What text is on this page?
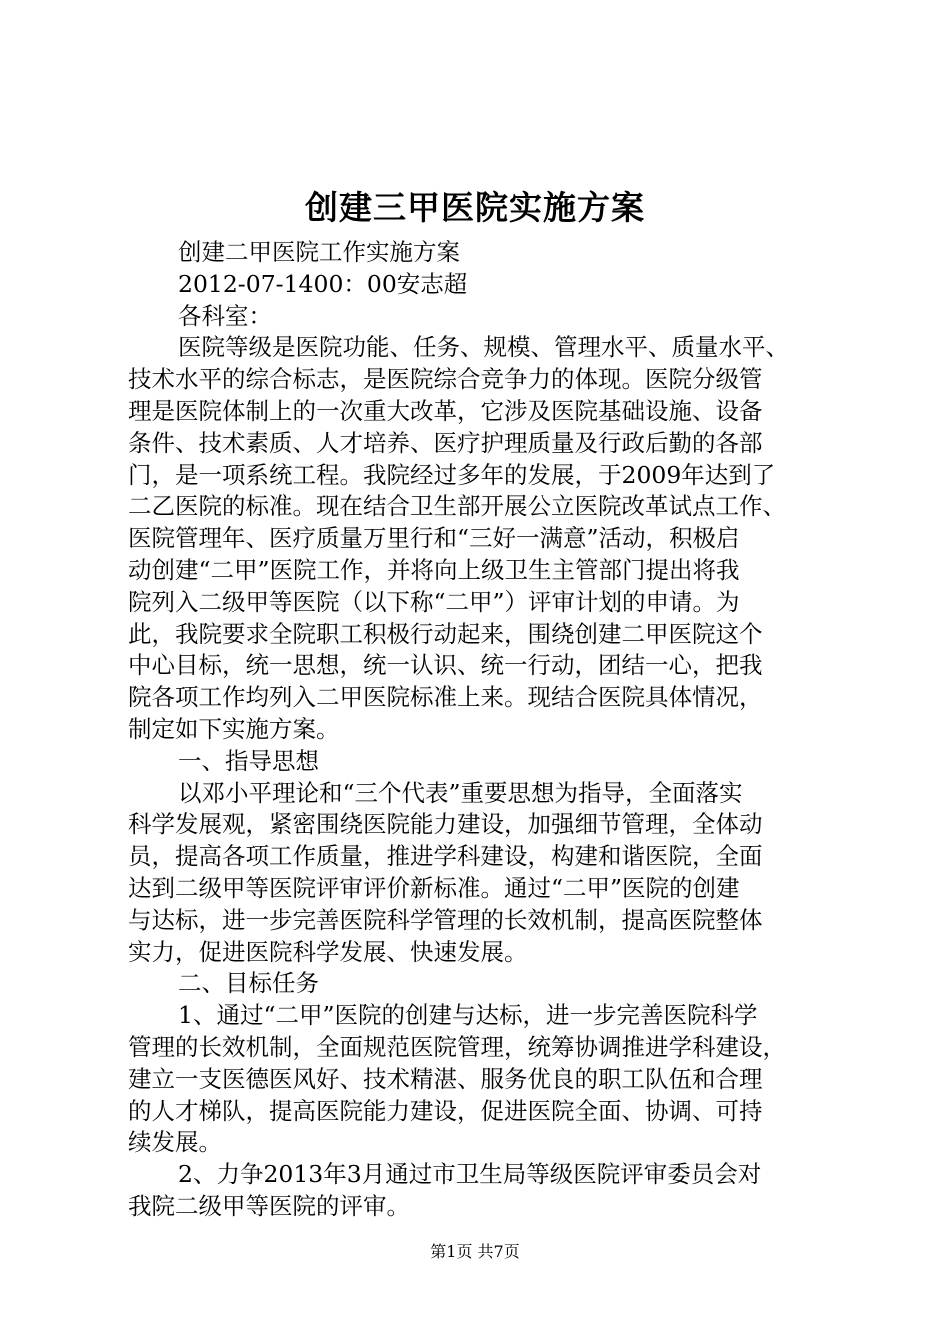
创建三甲医院实施方案
创建二甲医院工作实施方案
2012-07-1400：00安志超
各科室：
医院等级是医院功能、任务、规模、管理水平、质量水平、
技术水平的综合标志，是医院综合竞争力的体现。医院分级管
理是医院体制上的一次重大改革，它涉及医院基础设施、设备
条件、技术素质、人才培养、医疗护理质量及行政后勤的各部
门，是一项系统工程。我院经过多年的发展，于2009年达到了
二乙医院的标准。现在结合卫生部开展公立医院改革试点工作、
医院管理年、医疗质量万里行和“三好一满意”活动，积极启
动创建“二甲”医院工作，并将向上级卫生主管部门提出将我
院列入二级甲等医院（以下称“二甲”）评审计划的申请。为
此，我院要求全院职工积极行动起来，围绕创建二甲医院这个
中心目标，统一思想，统一认识、统一行动，团结一心，把我
院各项工作均列入二甲医院标准上来。现结合医院具体情况，
制定如下实施方案。
一、指导思想
以邓小平理论和“三个代表”重要思想为指导，全面落实
科学发展观，紧密围绕医院能力建设，加强细节管理，全体动
员，提高各项工作质量，推进学科建设，构建和谐医院，全面
达到二级甲等医院评审评价新标准。通过“二甲”医院的创建
与达标，进一步完善医院科学管理的长效机制，提高医院整体
实力，促进医院科学发展、快速发展。
二、目标任务
1、通过“二甲”医院的创建与达标，进一步完善医院科学
管理的长效机制，全面规范医院管理，统筹协调推进学科建设，
建立一支医德医风好、技术精湛、服务优良的职工队伍和合理
的人才梯队，提高医院能力建设，促进医院全面、协调、可持
续发展。
2、力争2013年3月通过市卫生局等级医院评审委员会对
我院二级甲等医院的评审。
第1页 共7页
